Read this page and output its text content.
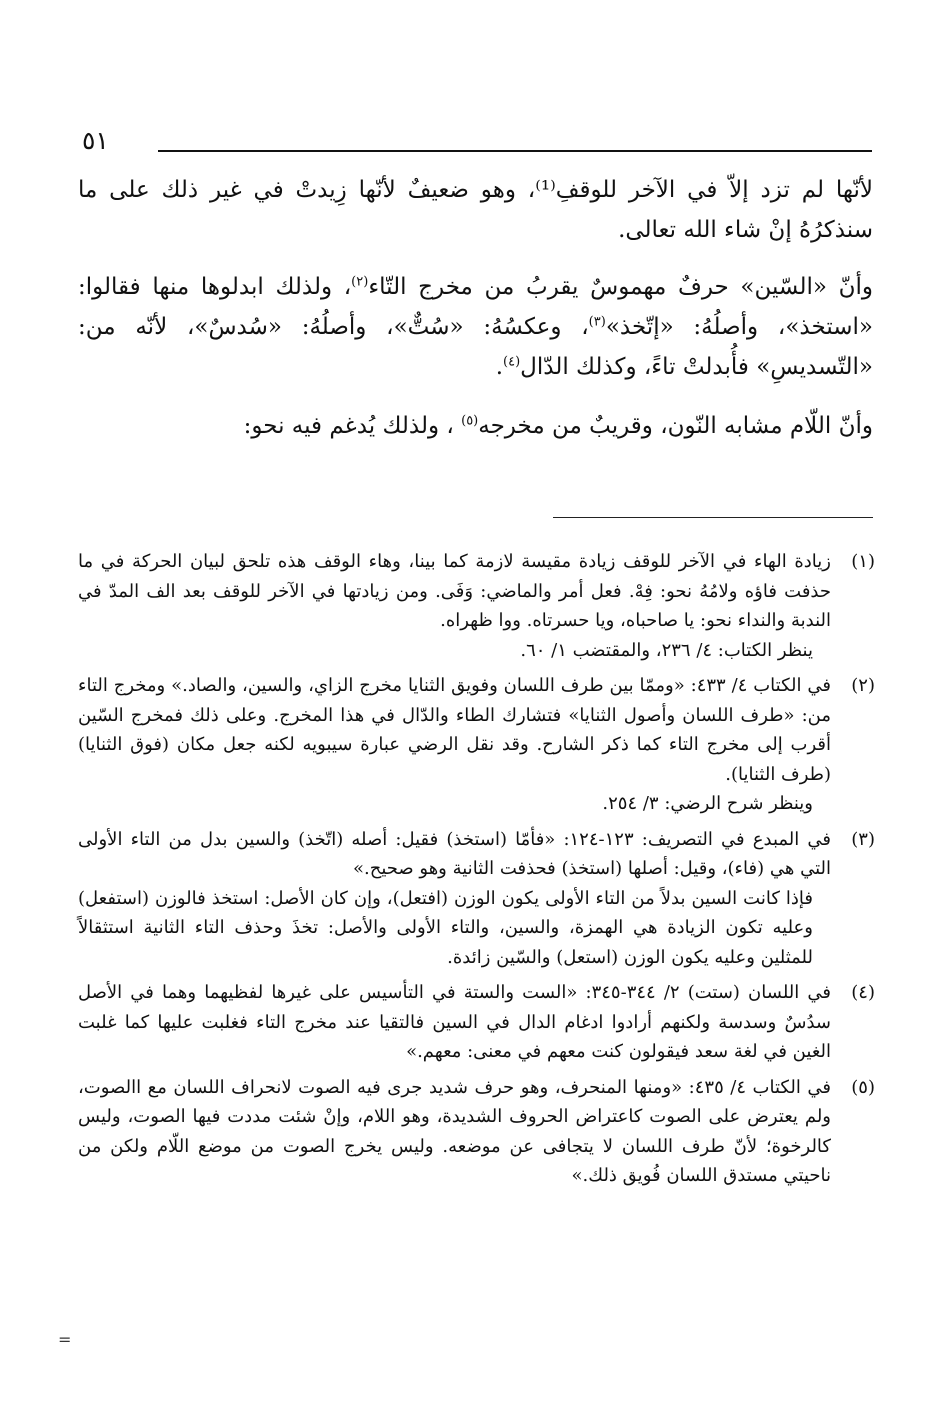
٥١

لأنّها لم تزد إلاّ في الآخر للوقفِ⁽¹⁾، وهو ضعيفٌ لأنّها زِيدتْ في غير ذلك على ما سنذكرُهُ إنْ شاء الله تعالى.

وأنّ «السّين» حرفٌ مهموسٌ يقربُ من مخرج التّاء$^{(٢)}$، ولذلك ابدلوها منها فقالوا: «استخذ»، وأصلُهُ: «إتّخذ»$^{(٣)}$، وعكسُهُ: «سُتٌّ»، وأصلُهُ: «سُدسٌ»، لأنّه من: «التّسديسِ» فأُبدلتْ تاءً، وكذلك الدّال$^{(٤)}$.

وأنّ اللّام مشابه النّون، وقريبٌ من مخرجه$^{(٥)}$ ، ولذلك يُدغم فيه نحو:

(١)

زيادة الهاء في الآخر للوقف زيادة مقيسة لازمة كما بينا، وهاء الوقف هذه تلحق لبيان الحركة في ما حذفت فاؤه ولامُهُ نحو: فِهْ. فعل أمر والماضي: وَفَى. ومن زيادتها في الآخر للوقف بعد الف المدّ في الندبة والنداء نحو: يا صاحباه، ويا حسرتاه. ووا ظهراه.

ينظر الكتاب: ٤/ ٢٣٦، والمقتضب ١/ ٦٠.

(٢)

في الكتاب ٤/ ٤٣٣: «وممّا بين طرف اللسان وفويق الثنايا مخرج الزاي، والسين، والصاد.» ومخرج التاء من: «طرف اللسان وأصول الثنايا» فتشارك الطاء والدّال في هذا المخرج. وعلى ذلك فمخرج السّين أقرب إلى مخرج التاء كما ذكر الشارح. وقد نقل الرضي عبارة سيبويه لكنه جعل مكان (فوق الثنايا) (طرف الثنايا).

وينظر شرح الرضي: ٣/ ٢٥٤.

(٣)

في المبدع في التصريف: ١٢٣-١٢٤: «فأمّا (استخذ) فقيل: أصله (اتّخذ) والسين بدل من التاء الأولى التي هي (فاء)، وقيل: أصلها (استخذ) فحذفت الثانية وهو صحيح.»

فإذا كانت السين بدلاً من التاء الأولى يكون الوزن (افتعل)، وإن كان الأصل: استخذ فالوزن (استفعل) وعليه تكون الزيادة هي الهمزة، والسين، والتاء الأولى والأصل: تخذَ وحذف التاء الثانية استثقالاً للمثلين وعليه يكون الوزن (استعل) والسّين زائدة.

(٤)

في اللسان (ستت) ٢/ ٣٤٤-٣٤٥: «الست والستة في التأسيس على غيرها لفظيهما وهما في الأصل سدُسٌ وسدسة ولكنهم أرادوا ادغام الدال في السين فالتقيا عند مخرج التاء فغلبت عليها كما غلبت الغين في لغة سعد فيقولون كنت معهم في معنى: معهم.»

(٥)

في الكتاب ٤/ ٤٣٥: «ومنها المنحرف، وهو حرف شديد جرى فيه الصوت لانحراف اللسان مع االصوت، ولم يعترض على الصوت كاعتراض الحروف الشديدة، وهو اللام، وإنْ شئت مددت فيها الصوت، وليس كالرخوة؛ لأنّ طرف اللسان لا يتجافى عن موضعه. وليس يخرج الصوت من موضع اللّام ولكن من ناحيتي مستدق اللسان فُويق ذلك.»

=
